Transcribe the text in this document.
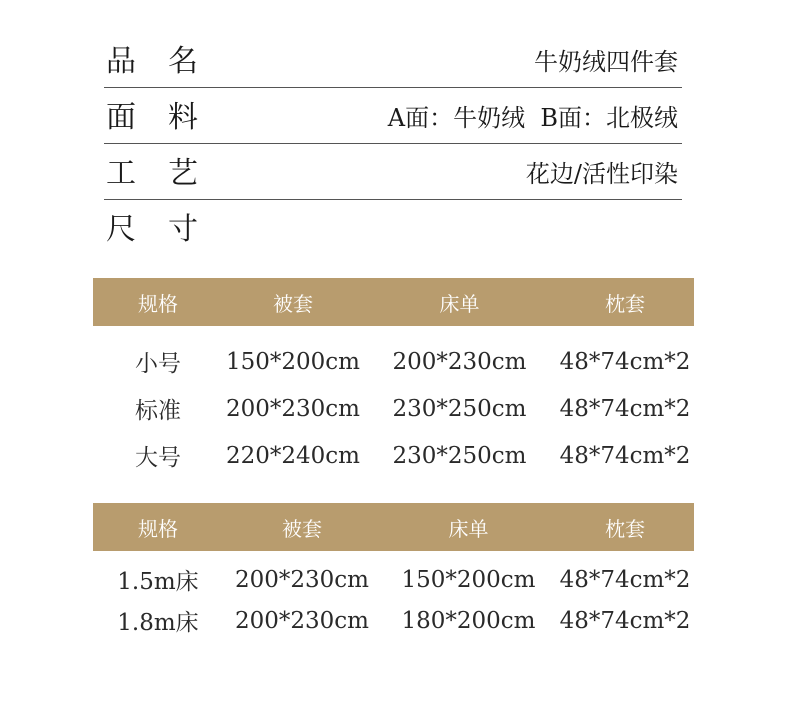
品名	牛奶绒四件套
面料	A面：牛奶绒  B面：北极绒
工艺	花边/活性印染
尺寸
规格	被套	床单	枕套
小号	150*200cm	200*230cm	48*74cm*2
标准	200*230cm	230*250cm	48*74cm*2
大号	220*240cm	230*250cm	48*74cm*2
规格	被套	床单	枕套
1.5m床	200*230cm	150*200cm	48*74cm*2
1.8m床	200*230cm	180*200cm	48*74cm*2
